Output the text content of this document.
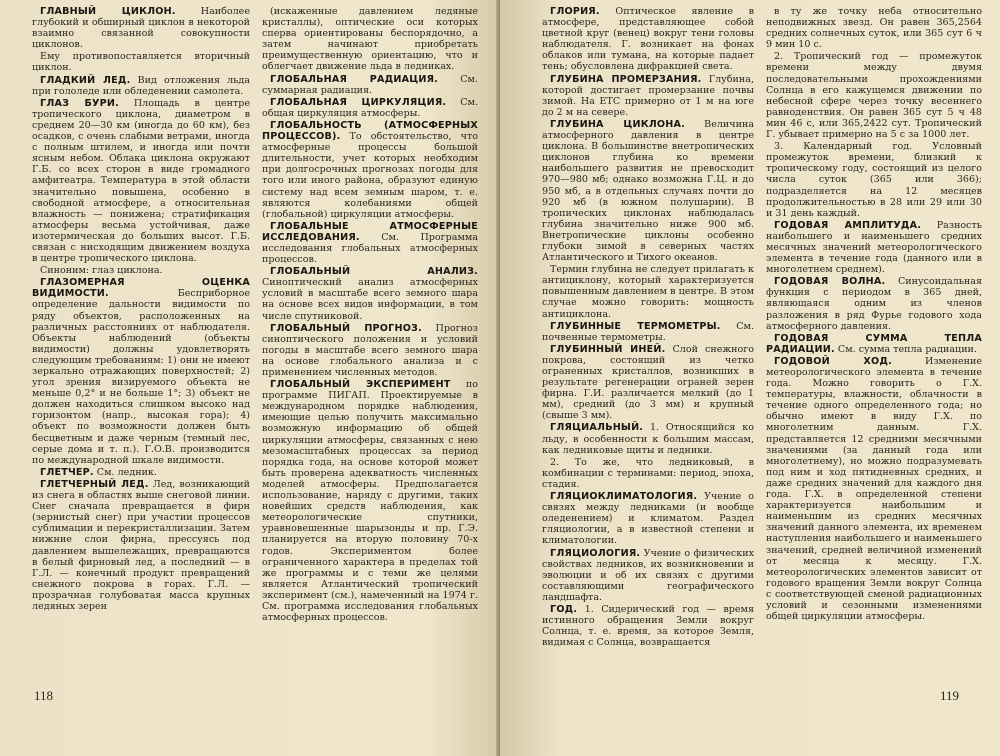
ГЛАВНЫЙ ЦИКЛОН. Наиболее глубокий и обширный циклон в некоторой взаимно связанной совокупности циклонов.

Ему противопоставляется вторичный циклон.

ГЛАДКИЙ ЛЕД. Вид отложения льда при гололеде или обледенении самолета.

ГЛАЗ БУРИ. Площадь в центре тропического циклона, диаметром в среднем 20—30 км (иногда до 60 км), без осадков, с очень слабыми ветрами, иногда с полным штилем, и иногда или почти ясным небом. Облака циклона окружают Г.Б. со всех сторон в виде громадного амфитеатра. Температура в этой области значительно повышена, особенно в свободной атмосфере, а относительная влажность — понижена; стратификация атмосферы весьма устойчивая, даже изотермическая до больших высот. Г.Б. связан с нисходящим движением воздуха в центре тропического циклона.

Синоним: глаз циклона.

ГЛАЗОМЕРНАЯ ОЦЕНКА ВИДИМОСТИ. Бесприборное определение дальности видимости по ряду объектов, расположенных на различных расстояниях от наблюдателя. Объекты наблюдений (объекты видимости) должны удовлетворять следующим требованиям: 1) они не имеют зеркально отражающих поверхностей; 2) угол зрения визируемого объекта не меньше 0,2° и не больше 1°; 3) объект не должен находиться слишком высоко над горизонтом (напр., высокая гора); 4) объект по возможности должен быть бесцветным и даже черным (темный лес, серые дома и т. п.). Г.О.В. производится по международной шкале видимости.

ГЛЕТЧЕР. См. ледник.

ГЛЕТЧЕРНЫЙ ЛЕД. Лед, возникающий из снега в областях выше снеговой линии. Снег сначала превращается в фирн (зернистый снег) при участии процессов сублимации и перекристаллизации. Затем нижние слои фирна, прессуясь под давлением вышележащих, превращаются в белый фирновый лед, а последний — в Г.Л. — конечный продукт превращений снежного покрова в горах. Г.Л. — прозрачная голубоватая масса крупных ледяных зерен

(искаженные давлением ледяные кристаллы), оптические оси которых сперва ориентированы беспорядочно, а затем начинают приобретать преимущественную ориентацию, что и облегчает движение льда в ледниках.

ГЛОБАЛЬНАЯ РАДИАЦИЯ. См. суммарная радиация.

ГЛОБАЛЬНАЯ ЦИРКУЛЯЦИЯ. См. общая циркуляция атмосферы.

ГЛОБАЛЬНОСТЬ (АТМОСФЕРНЫХ ПРОЦЕССОВ). То обстоятельство, что атмосферные процессы большой длительности, учет которых необходим при долгосрочных прогнозах погоды для того или иного района, образуют единую систему над всем земным шаром, т. е. являются колебаниями общей (глобальной) циркуляции атмосферы.

ГЛОБАЛЬНЫЕ АТМОСФЕРНЫЕ ИССЛЕДОВАНИЯ. См. Программа исследования глобальных атмосферных процессов.

ГЛОБАЛЬНЫЙ АНАЛИЗ. Синоптический анализ атмосферных условий в масштабе всего земного шара на основе всех видов информации, в том числе спутниковой.

ГЛОБАЛЬНЫЙ ПРОГНОЗ. Прогноз синоптического положения и условий погоды в масштабе всего земного шара на основе глобального анализа и с применением численных методов.

ГЛОБАЛЬНЫЙ ЭКСПЕРИМЕНТ по программе ПИГАП. Проектируемые в международном порядке наблюдения, имеющие целью получить максимально возможную информацию об общей циркуляции атмосферы, связанных с нею мезомасштабных процессах за период порядка года, на основе которой может быть проверена адекватность численных моделей атмосферы. Предполагается использование, наряду с другими, таких новейших средств наблюдения, как метеорологические спутники, уравновешенные шарызонды и пр. Г.Э. планируется на вторую половину 70-х годов. Экспериментом более ограниченного характера в пределах той же программы и с теми же целями является Атлантический тропический эксперимент (см.), намеченный на 1974 г. См. программа исследования глобальных атмосферных процессов.

118

ГЛОРИЯ. Оптическое явление в атмосфере, представляющее собой цветной круг (венец) вокруг тени головы наблюдателя. Г. возникает на фонах облаков или тумана, на которые падает тень; обусловлена дифракцией света.

ГЛУБИНА ПРОМЕРЗАНИЯ. Глубина, которой достигает промерзание почвы зимой. На ЕТС примерно от 1 м на юге до 2 м на севере.

ГЛУБИНА ЦИКЛОНА. Величина атмосферного давления в центре циклона. В большинстве внетропических циклонов глубина ко времени наибольшего развития не превосходит 970—980 мб; однако возможна Г.Ц. и до 950 мб, а в отдельных случаях почти до 920 мб (в южном полушарии). В тропических циклонах наблюдалась глубина значительно ниже 900 мб. Внетропические циклоны особенно глубоки зимой в северных частях Атлантического и Тихого океанов.

Термин глубина не следует прилагать к антициклону, который характеризуется повышенным давлением в центре. В этом случае можно говорить: мощность антициклона.

ГЛУБИННЫЕ ТЕРМОМЕТРЫ. См. почвенные термометры.

ГЛУБИННЫЙ ИНЕЙ. Слой снежного покрова, состоящий из четко ограненных кристаллов, возникших в результате регенерации ограней зерен фирна. Г.И. различается мелкий (до 1 мм), средний (до 3 мм) и крупный (свыше 3 мм).

ГЛЯЦИАЛЬНЫЙ. 1. Относящийся ко льду, в особенности к большим массам, как ледниковые щиты и ледники.

2. То же, что ледниковый, в комбинации с терминами: период, эпоха, стадия.

ГЛЯЦИОКЛИМАТОЛОГИЯ. Учение о связях между ледниками (и вообще оледенением) и климатом. Раздел гляциологии, а в известной степени и климатологии.

ГЛЯЦИОЛОГИЯ. Учение о физических свойствах ледников, их возникновении и эволюции и об их связях с другими составляющими географического ландшафта.

ГОД. 1. Сидерический год — время истинного обращения Земли вокруг Солнца, т. е. время, за которое Земля, видимая с Солнца, возвращается

в ту же точку неба относительно неподвижных звезд. Он равен 365,2564 средних солнечных суток, или 365 сут 6 ч 9 мин 10 с.

2. Тропический год — промежуток времени между двумя последовательными прохождениями Солнца в его кажущемся движении по небесной сфере через точку весеннего равноденствия. Он равен 365 сут 5 ч 48 мин 46 с, или 365,2422 сут. Тропический Г. убывает примерно на 5 с за 1000 лет.

3. Календарный год. Условный промежуток времени, близкий к тропическому году, состоящий из целого числа суток (365 или 366); подразделяется на 12 месяцев продолжительностью в 28 или 29 или 30 и 31 день каждый.

ГОДОВАЯ АМПЛИТУДА. Разность наибольшего и наименьшего средних месячных значений метеорологического элемента в течение года (данного или в многолетнем среднем).

ГОДОВАЯ ВОЛНА. Синусоидальная функция с периодом в 365 дней, являющаяся одним из членов разложения в ряд Фурье годового хода атмосферного давления.

ГОДОВАЯ СУММА ТЕПЛА РАДИАЦИИ. См. сумма тепла радиации.

ГОДОВОЙ ХОД. Изменение метеорологического элемента в течение года. Можно говорить о Г.Х. температуры, влажности, облачности в течение одного определенного года; но обычно имеют в виду Г.Х. по многолетним данным. Г.Х. представляется 12 средними месячными значениями (за данный года или многолетнему), но можно подразумевать под ним и ход пятидневных средних, и даже средних значений для каждого дня года. Г.Х. в определенной степени характеризуется наибольшим и наименьшим из средних месячных значений данного элемента, их временем наступления наибольшего и наименьшего значений, средней величиной изменений от месяца к месяцу. Г.Х. метеорологических элементов зависит от годового вращения Земли вокруг Солнца с соответствующей сменой радиационных условий и сезонными изменениями общей циркуляции атмосферы.

119
